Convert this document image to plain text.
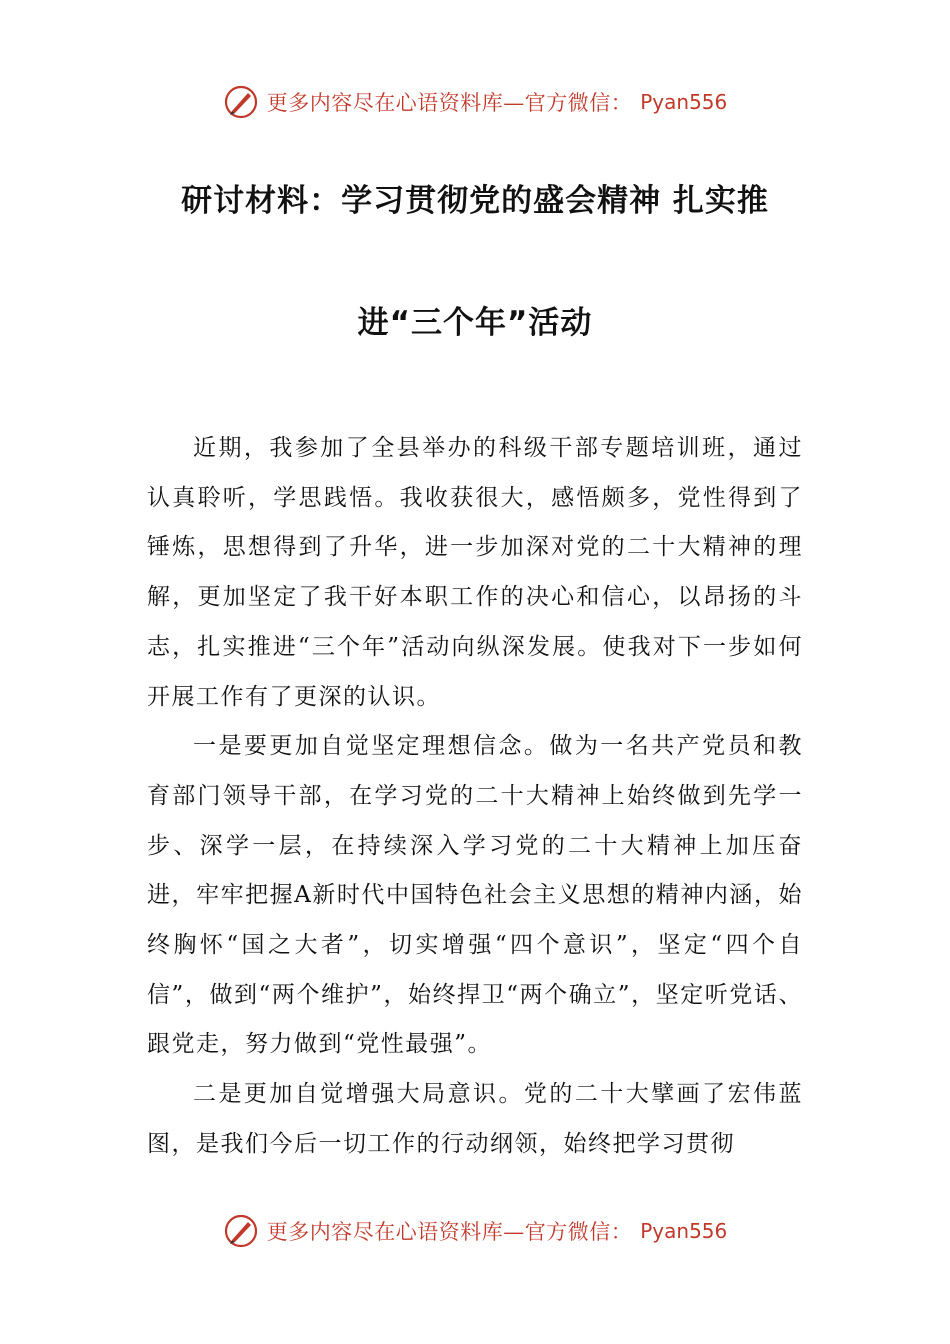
更多内容尽在心语资料库—官方微信： Pyan556
研讨材料：学习贯彻党的盛会精神 扎实推
进“三个年”活动

近期，我参加了全县举办的科级干部专题培训班，通过认真聆听，学思践悟。我收获很大，感悟颇多，党性得到了锤炼，思想得到了升华，进一步加深对党的二十大精神的理解，更加坚定了我干好本职工作的决心和信心，以昂扬的斗志，扎实推进“三个年”活动向纵深发展。使我对下一步如何开展工作有了更深的认识。

一是要更加自觉坚定理想信念。做为一名共产党员和教育部门领导干部，在学习党的二十大精神上始终做到先学一步、深学一层，在持续深入学习党的二十大精神上加压奋进，牢牢把握A新时代中国特色社会主义思想的精神内涵，始终胸怀“国之大者”，切实增强“四个意识”，坚定“四个自信”，做到“两个维护”，始终捍卫“两个确立”，坚定听党话、跟党走，努力做到“党性最强”。

二是更加自觉增强大局意识。党的二十大擘画了宏伟蓝图，是我们今后一切工作的行动纲领，始终把学习贯彻

更多内容尽在心语资料库—官方微信： Pyan556
